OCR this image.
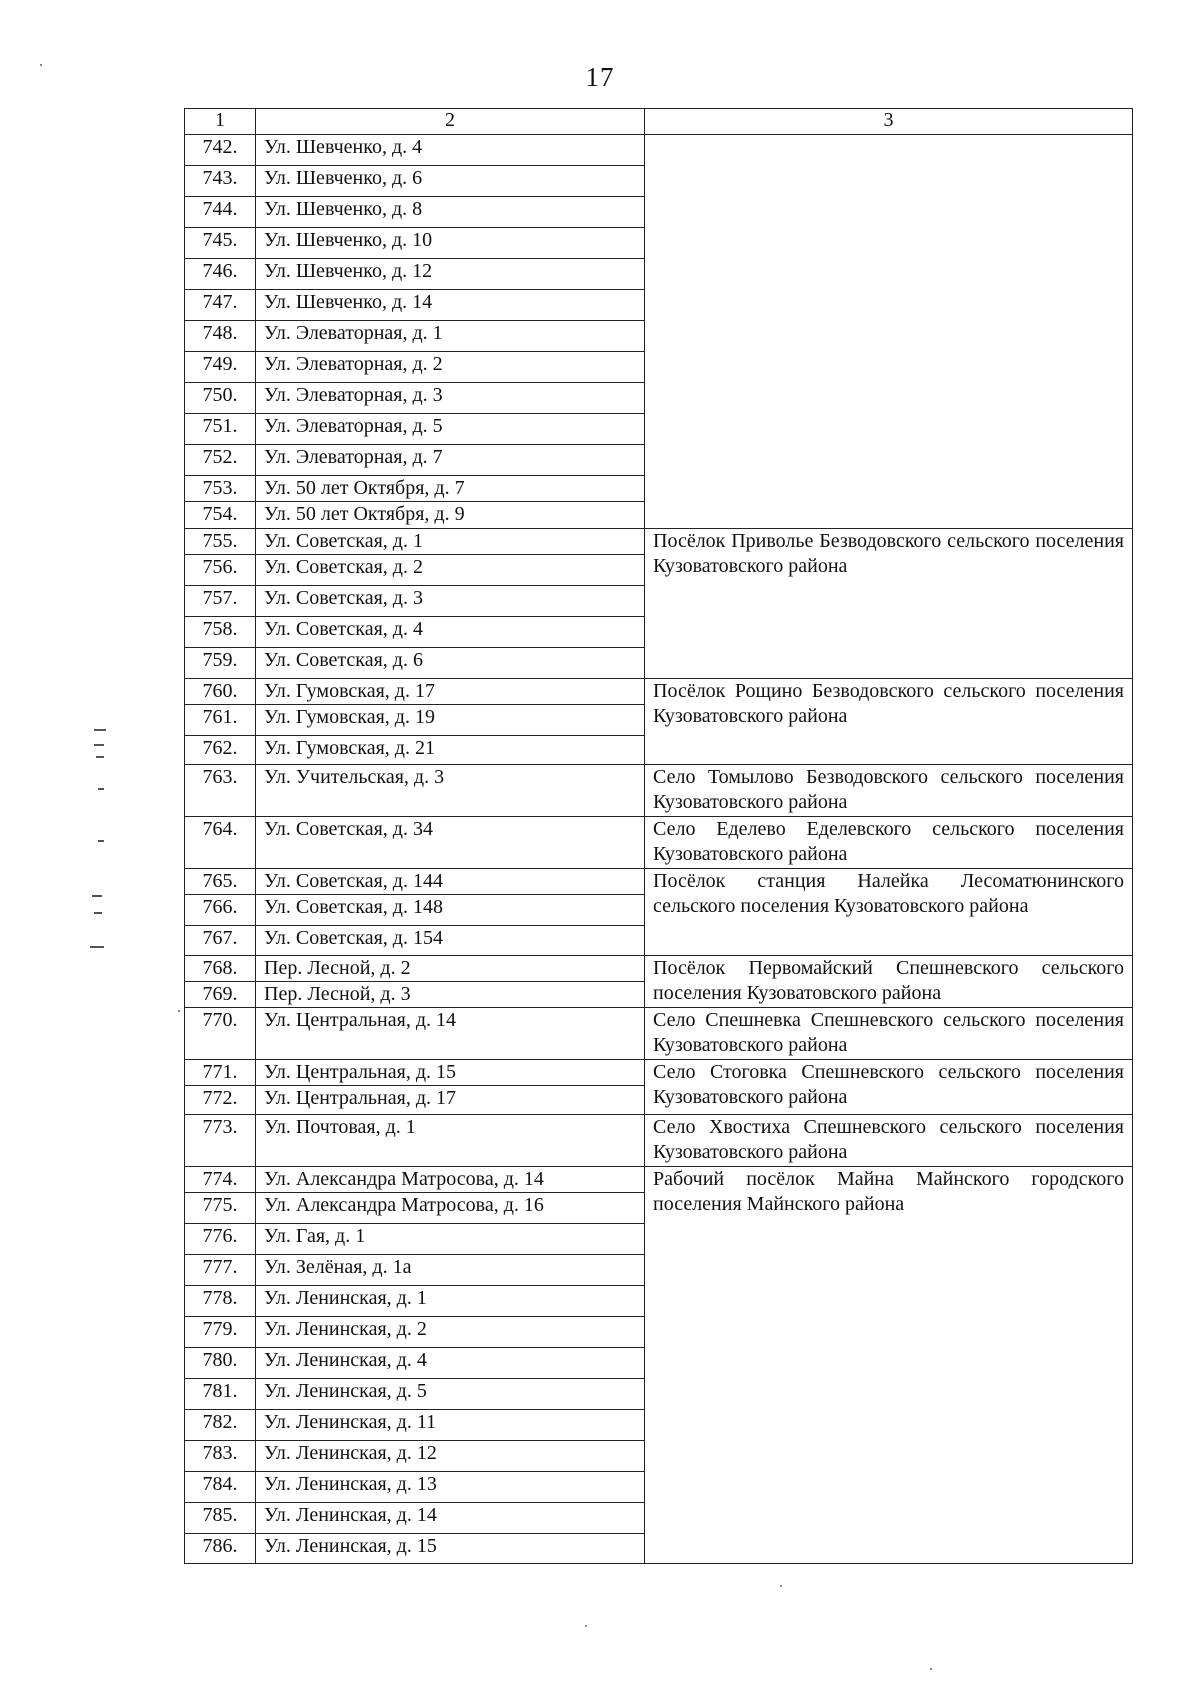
17
1	2	3
742.	Ул. Шевченко, д. 4	
743.	Ул. Шевченко, д. 6	
744.	Ул. Шевченко, д. 8	
745.	Ул. Шевченко, д. 10	
746.	Ул. Шевченко, д. 12	
747.	Ул. Шевченко, д. 14	
748.	Ул. Элеваторная, д. 1	
749.	Ул. Элеваторная, д. 2	
750.	Ул. Элеваторная, д. 3	
751.	Ул. Элеваторная, д. 5	
752.	Ул. Элеваторная, д. 7	
753.	Ул. 50 лет Октября, д. 7	
754.	Ул. 50 лет Октября, д. 9	
755.	Ул. Советская, д. 1	Посёлок Приволье Безводовского сельского поселения Кузоватовского района
756.	Ул. Советская, д. 2	
757.	Ул. Советская, д. 3	
758.	Ул. Советская, д. 4	
759.	Ул. Советская, д. 6	
760.	Ул. Гумовская, д. 17	Посёлок Рощино Безводовского сельского поселения Кузоватовского района
761.	Ул. Гумовская, д. 19	
762.	Ул. Гумовская, д. 21	
763.	Ул. Учительская, д. 3	Село Томылово Безводовского сельского поселения Кузоватовского района
764.	Ул. Советская, д. 34	Село Еделево Еделевского сельского поселения Кузоватовского района
765.	Ул. Советская, д. 144	Посёлок станция Налейка Лесоматюнинского сельского поселения Кузоватовского района
766.	Ул. Советская, д. 148	
767.	Ул. Советская, д. 154	
768.	Пер. Лесной, д. 2	Посёлок Первомайский Спешневского сельского поселения Кузоватовского района
769.	Пер. Лесной, д. 3	
770.	Ул. Центральная, д. 14	Село Спешневка Спешневского сельского поселения Кузоватовского района
771.	Ул. Центральная, д. 15	Село Стоговка Спешневского сельского поселения Кузоватовского района
772.	Ул. Центральная, д. 17	
773.	Ул. Почтовая, д. 1	Село Хвостиха Спешневского сельского поселения Кузоватовского района
774.	Ул. Александра Матросова, д. 14	Рабочий посёлок Майна Майнского городского поселения Майнского района
775.	Ул. Александра Матросова, д. 16	
776.	Ул. Гая, д. 1	
777.	Ул. Зелёная, д. 1а	
778.	Ул. Ленинская, д. 1	
779.	Ул. Ленинская, д. 2	
780.	Ул. Ленинская, д. 4	
781.	Ул. Ленинская, д. 5	
782.	Ул. Ленинская, д. 11	
783.	Ул. Ленинская, д. 12	
784.	Ул. Ленинская, д. 13	
785.	Ул. Ленинская, д. 14	
786.	Ул. Ленинская, д. 15	
